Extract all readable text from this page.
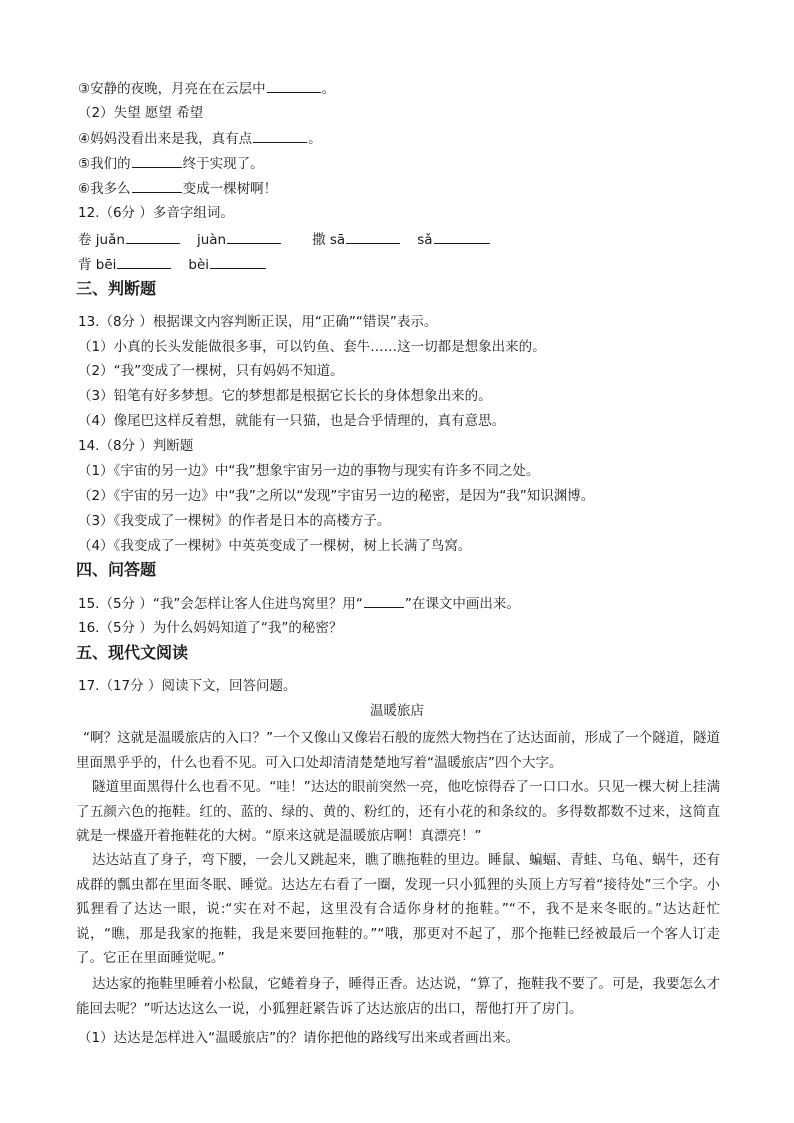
③安静的夜晚，月亮在在云层中	。
（2）失望 愿望 希望
④妈妈没看出来是我，真有点	。
⑤我们的	终于实现了。
⑥我多么	变成一棵树啊！
12.（6分 ）多音字组词。
卷 juǎn	juàn	撒 sā	sǎ
背 bēi	bèi
三、判断题
13.（8分 ）根据课文内容判断正误，用“正确”“错误”表示。
（1）小真的长头发能做很多事，可以钓鱼、套牛……这一切都是想象出来的。
（2）“我”变成了一棵树，只有妈妈不知道。
（3）铅笔有好多梦想。它的梦想都是根据它长长的身体想象出来的。
（4）像尾巴这样反着想，就能有一只猫，也是合乎情理的，真有意思。
14.（8分 ）判断题
（1）《宇宙的另一边》中“我”想象宇宙另一边的事物与现实有许多不同之处。
（2）《宇宙的另一边》中“我”之所以“发现”宇宙另一边的秘密，是因为“我”知识渊博。
（3）《我变成了一棵树》的作者是日本的高楼方子。
（4）《我变成了一棵树》中英英变成了一棵树，树上长满了鸟窝。
四、问答题
15.（5分 ）“我”会怎样让客人住进鸟窝里？用“	”在课文中画出来。
16.（5分 ）为什么妈妈知道了“我”的秘密？
五、现代文阅读
17.（17分 ）阅读下文，回答问题。
温暖旅店
“啊？这就是温暖旅店的入口？”一个又像山又像岩石般的庞然大物挡在了达达面前，形成了一个隧道，隧道里面黑乎乎的，什么也看不见。可入口处却清清楚楚地写着“温暖旅店”四个大字。
隧道里面黑得什么也看不见。“哇！”达达的眼前突然一亮，他吃惊得吞了一口口水。只见一棵大树上挂满了五颜六色的拖鞋。红的、蓝的、绿的、黄的、粉红的，还有小花的和条纹的。多得数都数不过来，这简直就是一棵盛开着拖鞋花的大树。“原来这就是温暖旅店啊！真漂亮！”
达达站直了身子，弯下腰，一会儿又跳起来，瞧了瞧拖鞋的里边。睡鼠、蝙蝠、青蛙、乌龟、蜗牛，还有成群的瓢虫都在里面冬眠、睡觉。达达左右看了一圈，发现一只小狐狸的头顶上方写着“接待处”三个字。小狐狸看了达达一眼，说:“实在对不起，这里没有合适你身材的拖鞋。”“不，我不是来冬眠的。”达达赶忙说，“瞧，那是我家的拖鞋，我是来要回拖鞋的。”“哦，那更对不起了，那个拖鞋已经被最后一个客人订走了。它正在里面睡觉呢。”
达达家的拖鞋里睡着小松鼠，它蜷着身子，睡得正香。达达说，“算了，拖鞋我不要了。可是，我要怎么才能回去呢？”听达达这么一说，小狐狸赶紧告诉了达达旅店的出口，帮他打开了房门。
（1）达达是怎样进入“温暖旅店”的？请你把他的路线写出来或者画出来。
